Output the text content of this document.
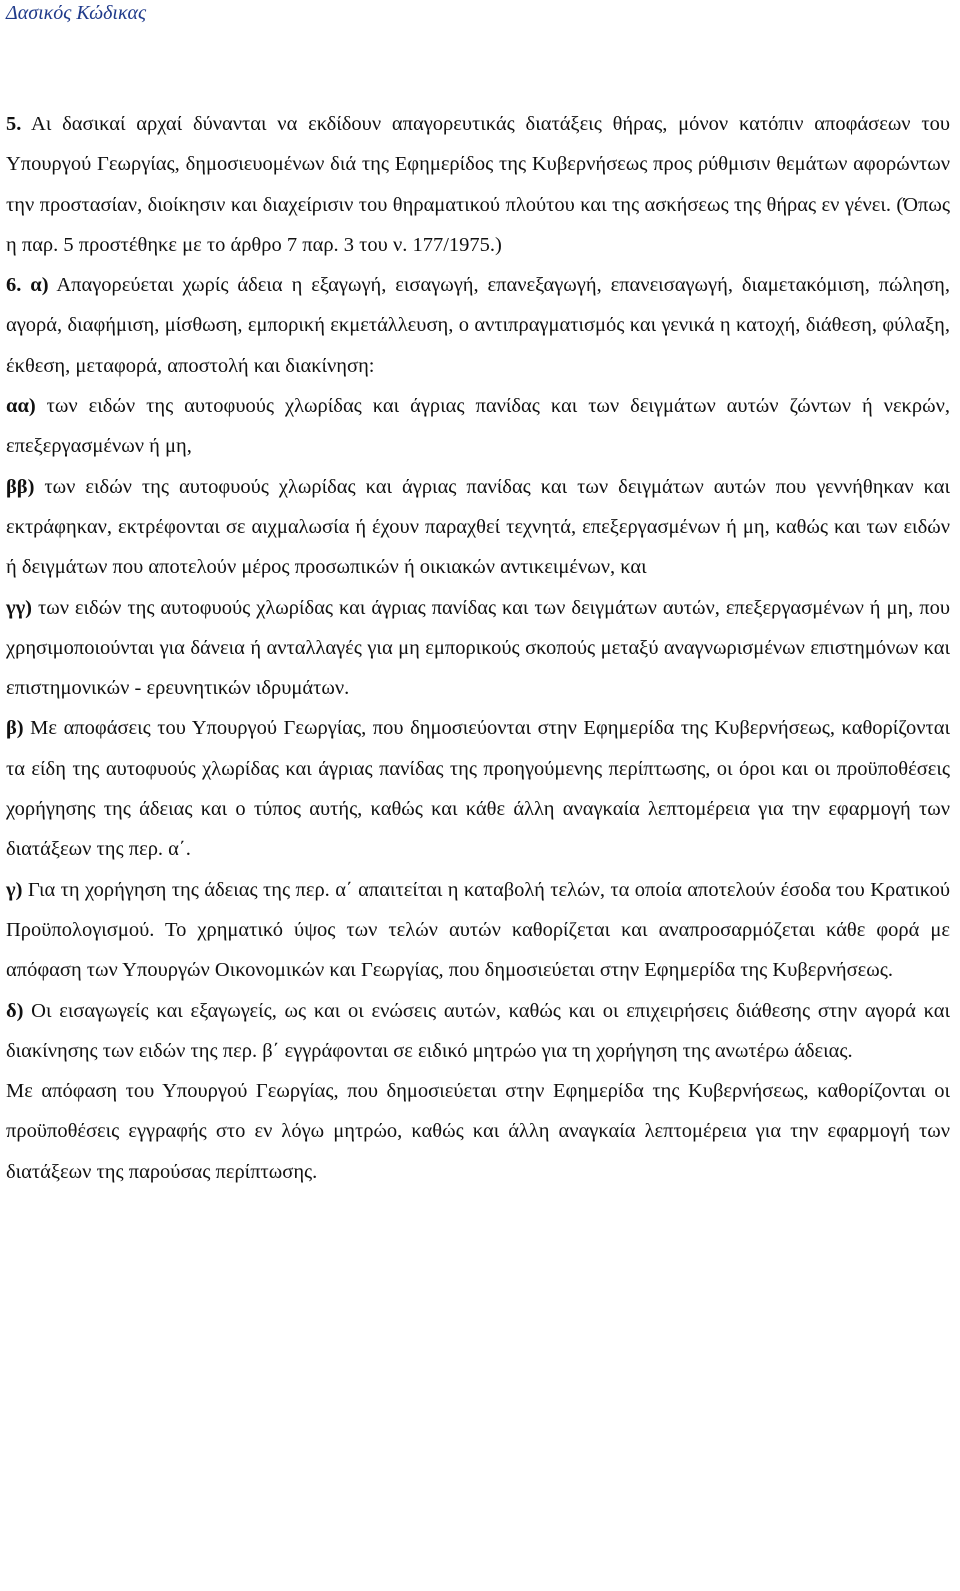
Δασικός Κώδικας

5. Αι δασικαί αρχαί δύνανται να εκδίδουν απαγορευτικάς διατάξεις θήρας, μόνον κατόπιν αποφάσεων του Υπουργού Γεωργίας, δημοσιευομένων διά της Εφημερίδος της Κυβερνήσεως προς ρύθμισιν θεμάτων αφορώντων την προστασίαν, διοίκησιν και διαχείρισιν του θηραματικού πλούτου και της ασκήσεως της θήρας εν γένει. (Όπως η παρ. 5 προστέθηκε με το άρθρο 7 παρ. 3 του ν. 177/1975.)

6. α) Απαγορεύεται χωρίς άδεια η εξαγωγή, εισαγωγή, επανεξαγωγή, επανεισαγωγή, διαμετακόμιση, πώληση, αγορά, διαφήμιση, μίσθωση, εμπορική εκμετάλλευση, ο αντιπραγματισμός και γενικά η κατοχή, διάθεση, φύλαξη, έκθεση, μεταφορά, αποστολή και διακίνηση:

αα) των ειδών της αυτοφυούς χλωρίδας και άγριας πανίδας και των δειγμάτων αυτών ζώντων ή νεκρών, επεξεργασμένων ή μη,

ββ) των ειδών της αυτοφυούς χλωρίδας και άγριας πανίδας και των δειγμάτων αυτών που γεννήθηκαν και εκτράφηκαν, εκτρέφονται σε αιχμαλωσία ή έχουν παραχθεί τεχνητά, επεξεργασμένων ή μη, καθώς και των ειδών ή δειγμάτων που αποτελούν μέρος προσωπικών ή οικιακών αντικειμένων, και

γγ) των ειδών της αυτοφυούς χλωρίδας και άγριας πανίδας και των δειγμάτων αυτών, επεξεργασμένων ή μη, που χρησιμοποιούνται για δάνεια ή ανταλλαγές για μη εμπορικούς σκοπούς μεταξύ αναγνωρισμένων επιστημόνων και επιστημονικών - ερευνητικών ιδρυμάτων.

β) Με αποφάσεις του Υπουργού Γεωργίας, που δημοσιεύονται στην Εφημερίδα της Κυβερνήσεως, καθορίζονται τα είδη της αυτοφυούς χλωρίδας και άγριας πανίδας της προηγούμενης περίπτωσης, οι όροι και οι προϋποθέσεις χορήγησης της άδειας και ο τύπος αυτής, καθώς και κάθε άλλη αναγκαία λεπτομέρεια για την εφαρμογή των διατάξεων της περ. α΄.

γ) Για τη χορήγηση της άδειας της περ. α΄ απαιτείται η καταβολή τελών, τα οποία αποτελούν έσοδα του Κρατικού Προϋπολογισμού. Το χρηματικό ύψος των τελών αυτών καθορίζεται και αναπροσαρμόζεται κάθε φορά με απόφαση των Υπουργών Οικονομικών και Γεωργίας, που δημοσιεύεται στην Εφημερίδα της Κυβερνήσεως.

δ) Οι εισαγωγείς και εξαγωγείς, ως και οι ενώσεις αυτών, καθώς και οι επιχειρήσεις διάθεσης στην αγορά και διακίνησης των ειδών της περ. β΄ εγγράφονται σε ειδικό μητρώο για τη χορήγηση της ανωτέρω άδειας.

Με απόφαση του Υπουργού Γεωργίας, που δημοσιεύεται στην Εφημερίδα της Κυβερνήσεως, καθορίζονται οι προϋποθέσεις εγγραφής στο εν λόγω μητρώο, καθώς και άλλη αναγκαία λεπτομέρεια για την εφαρμογή των διατάξεων της παρούσας περίπτωσης.
